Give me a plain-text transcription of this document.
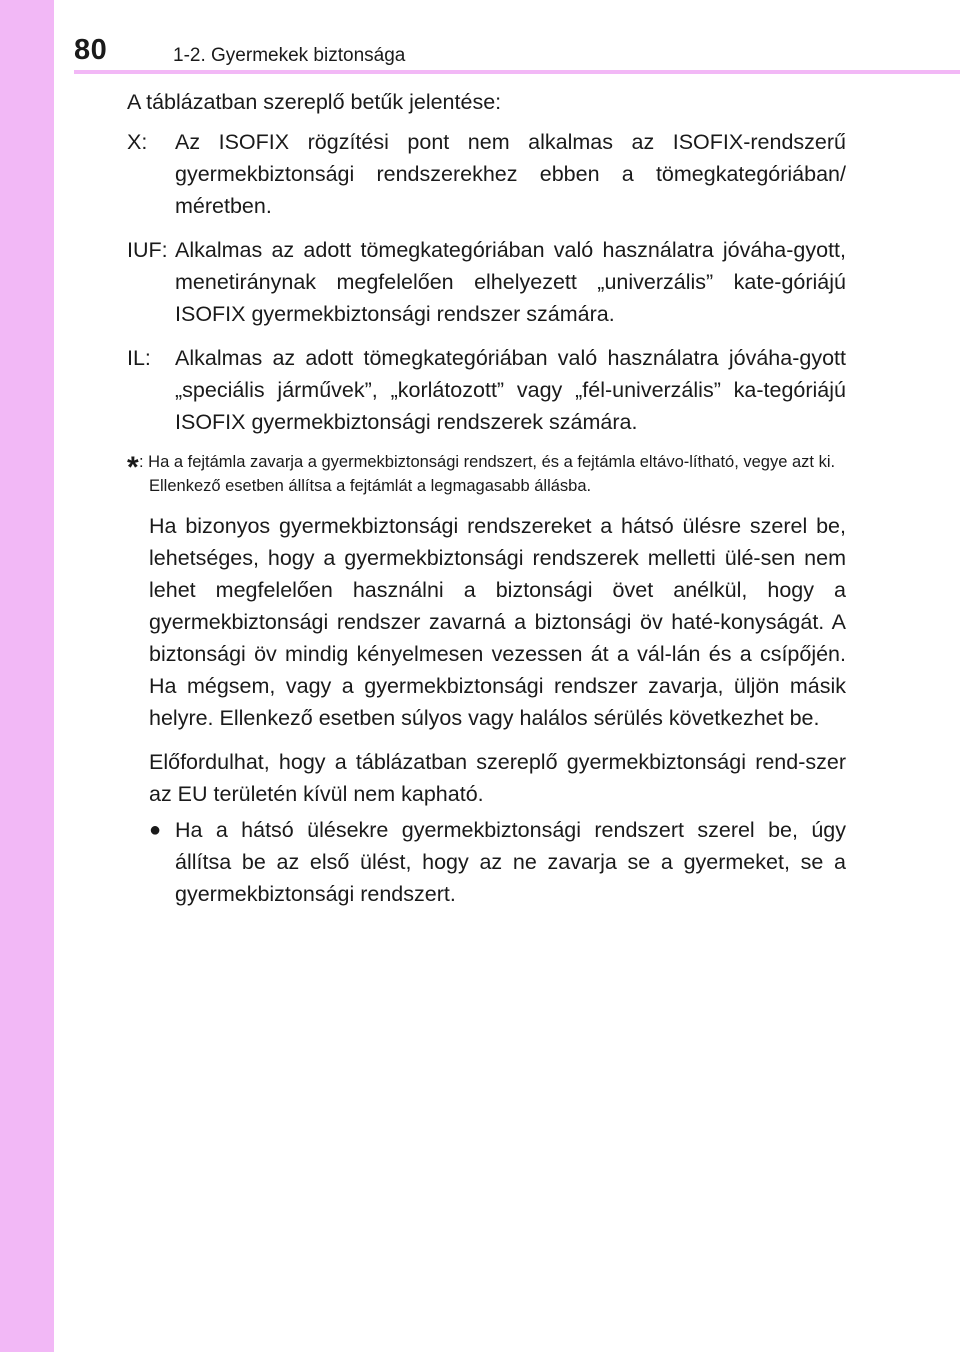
80	1-2. Gyermekek biztonsága

A táblázatban szereplő betűk jelentése:

X:	Az ISOFIX rögzítési pont nem alkalmas az ISOFIX-rendszerű gyermekbiztonsági rendszerekhez ebben a tömegkategóriában/ méretben.
IUF: Alkalmas az adott tömegkategóriában való használatra jóváha-gyott, menetiránynak megfelelően elhelyezett „univerzális” kate-góriájú ISOFIX gyermekbiztonsági rendszer számára.
IL:	Alkalmas az adott tömegkategóriában való használatra jóváha-gyott „speciális járművek”, „korlátozott” vagy „fél-univerzális” ka-tegóriájú ISOFIX gyermekbiztonsági rendszerek számára.
* : Ha a fejtámla zavarja a gyermekbiztonsági rendszert, és a fejtámla eltávo-lítható, vegye azt ki.

Ellenkező esetben állítsa a fejtámlát a legmagasabb állásba.

Ha bizonyos gyermekbiztonsági rendszereket a hátsó ülésre szerel be, lehetséges, hogy a gyermekbiztonsági rendszerek melletti ülé-sen nem lehet megfelelően használni a biztonsági övet anélkül, hogy a gyermekbiztonsági rendszer zavarná a biztonsági öv haté-konyságát. A biztonsági öv mindig kényelmesen vezessen át a vál-lán és a csípőjén. Ha mégsem, vagy a gyermekbiztonsági rendszer zavarja, üljön másik helyre. Ellenkező esetben súlyos vagy halálos sérülés következhet be.

Előfordulhat, hogy a táblázatban szereplő gyermekbiztonsági rend-szer az EU területén kívül nem kapható.

● Ha a hátsó ülésekre gyermekbiztonsági rendszert szerel be, úgy állítsa be az első ülést, hogy az ne zavarja se a gyermeket, se a gyermekbiztonsági rendszert.
